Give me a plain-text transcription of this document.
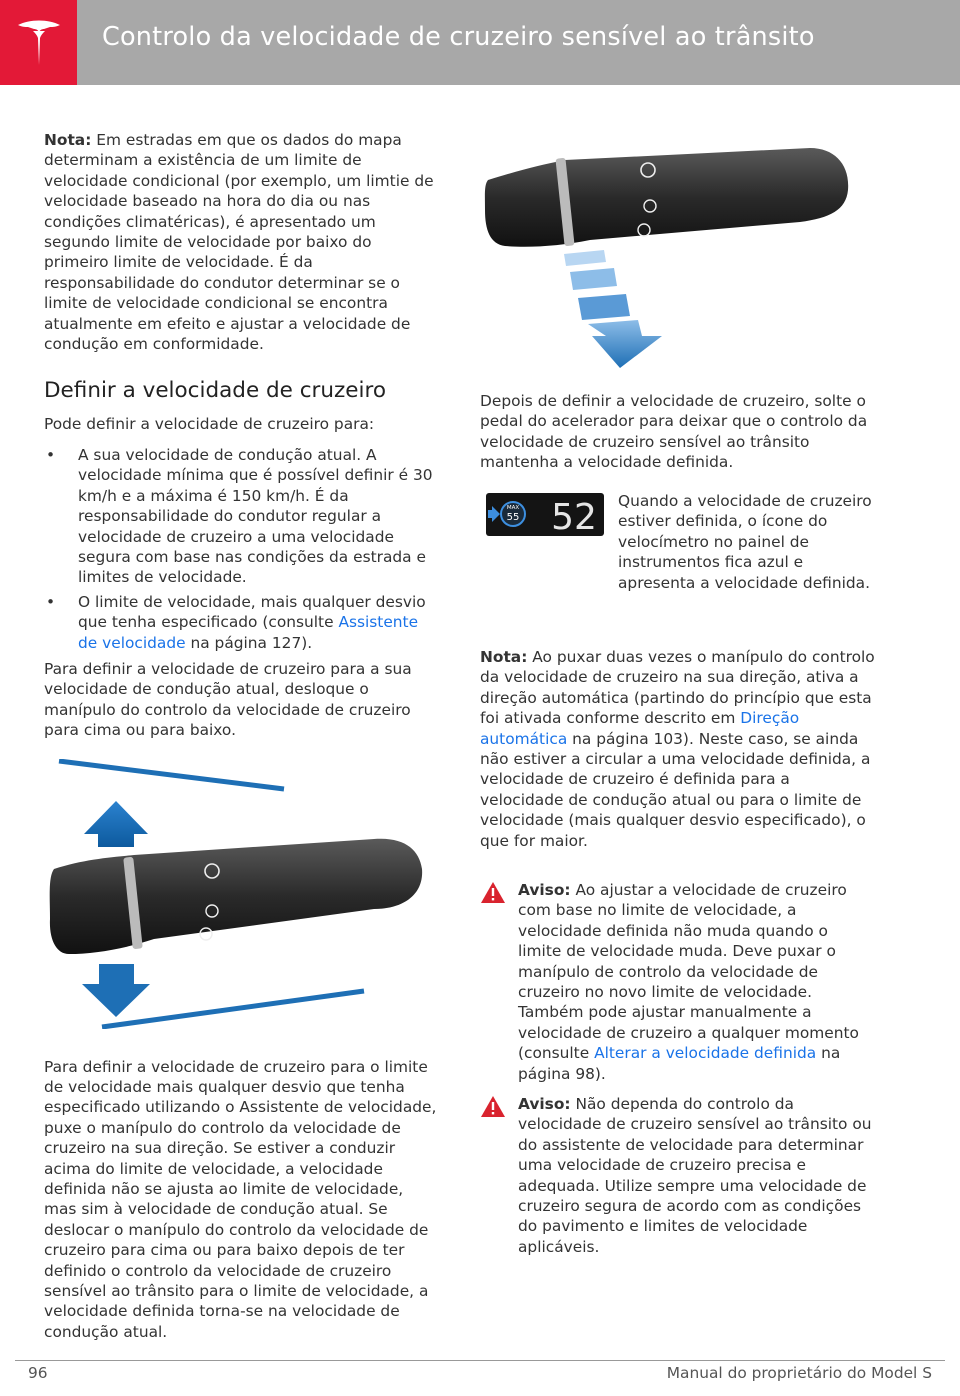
Controlo da velocidade de cruzeiro sensível ao trânsito

Nota: Em estradas em que os dados do mapa determinam a existência de um limite de velocidade condicional (por exemplo, um limtie de velocidade baseado na hora do dia ou nas condições climatéricas), é apresentado um segundo limite de velocidade por baixo do primeiro limite de velocidade. É da responsabilidade do condutor determinar se o limite de velocidade condicional se encontra atualmente em efeito e ajustar a velocidade de condução em conformidade.

Definir a velocidade de cruzeiro

Pode definir a velocidade de cruzeiro para:

• A sua velocidade de condução atual. A velocidade mínima que é possível definir é 30 km/h e a máxima é 150 km/h. É da responsabilidade do condutor regular a velocidade de cruzeiro a uma velocidade segura com base nas condições da estrada e limites de velocidade.
• O limite de velocidade, mais qualquer desvio que tenha especificado (consulte Assistente de velocidade na página 127).

Para definir a velocidade de cruzeiro para a sua velocidade de condução atual, desloque o manípulo do controlo da velocidade de cruzeiro para cima ou para baixo.

Para definir a velocidade de cruzeiro para o limite de velocidade mais qualquer desvio que tenha especificado utilizando o Assistente de velocidade, puxe o manípulo do controlo da velocidade de cruzeiro na sua direção. Se estiver a conduzir acima do limite de velocidade, a velocidade definida não se ajusta ao limite de velocidade, mas sim à velocidade de condução atual. Se deslocar o manípulo do controlo da velocidade de cruzeiro para cima ou para baixo depois de ter definido o controlo da velocidade de cruzeiro sensível ao trânsito para o limite de velocidade, a velocidade definida torna-se na velocidade de condução atual.

Depois de definir a velocidade de cruzeiro, solte o pedal do acelerador para deixar que o controlo da velocidade de cruzeiro sensível ao trânsito mantenha a velocidade definida.

Quando a velocidade de cruzeiro estiver definida, o ícone do velocímetro no painel de instrumentos fica azul e apresenta a velocidade definida.

Nota: Ao puxar duas vezes o manípulo do controlo da velocidade de cruzeiro na sua direção, ativa a direção automática (partindo do princípio que esta foi ativada conforme descrito em Direção automática na página 103). Neste caso, se ainda não estiver a circular a uma velocidade definida, a velocidade de cruzeiro é definida para a velocidade de condução atual ou para o limite de velocidade (mais qualquer desvio especificado), o que for maior.

Aviso: Ao ajustar a velocidade de cruzeiro com base no limite de velocidade, a velocidade definida não muda quando o limite de velocidade muda. Deve puxar o manípulo de controlo da velocidade de cruzeiro no novo limite de velocidade. Também pode ajustar manualmente a velocidade de cruzeiro a qualquer momento (consulte Alterar a velocidade definida na página 98).

Aviso: Não dependa do controlo da velocidade de cruzeiro sensível ao trânsito ou do assistente de velocidade para determinar uma velocidade de cruzeiro precisa e adequada. Utilize sempre uma velocidade de cruzeiro segura de acordo com as condições do pavimento e limites de velocidade aplicáveis.

MAX
55 52
96	Manual do proprietário do Model S
